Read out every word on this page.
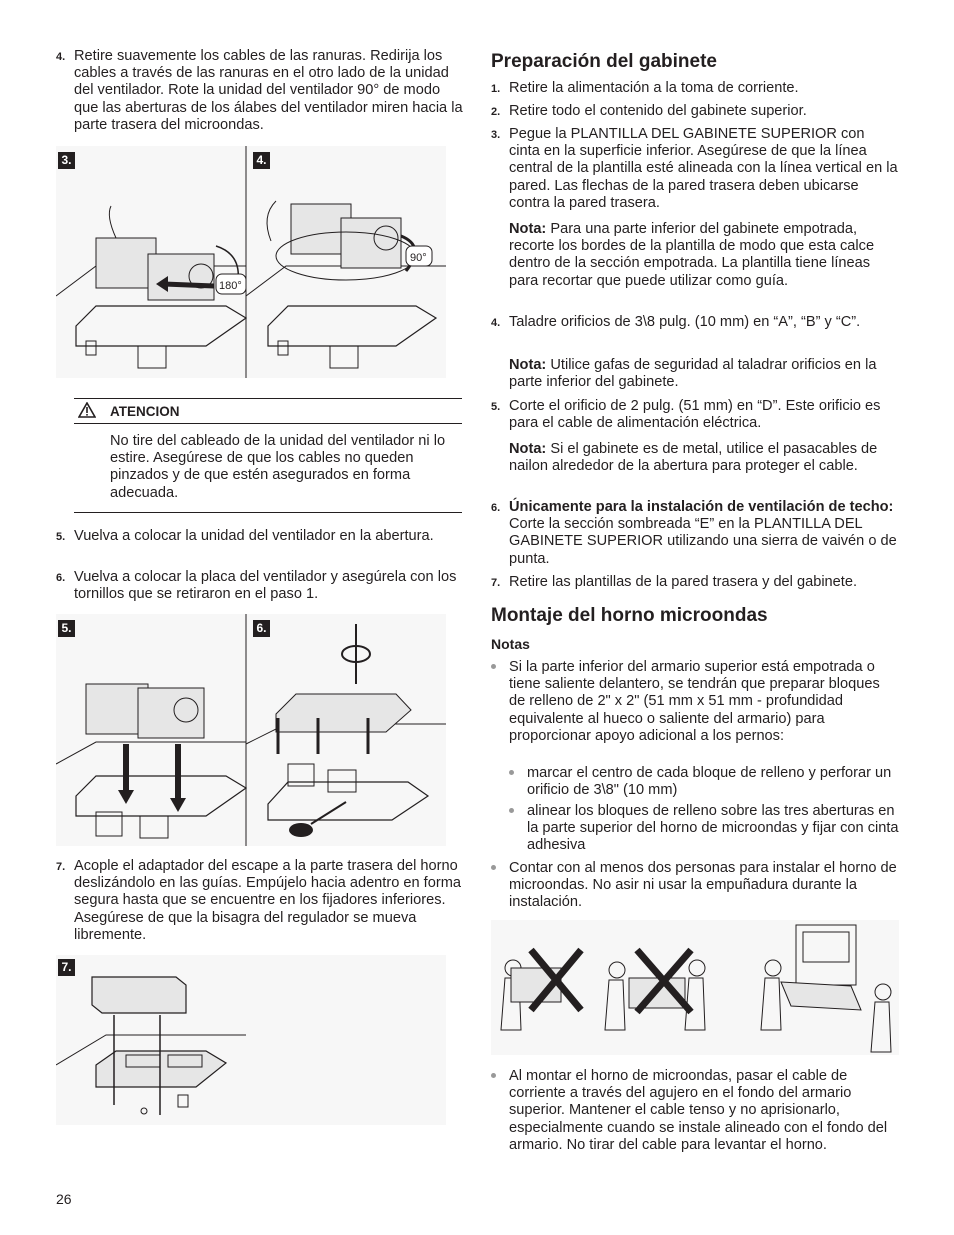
4. Retire suavemente los cables de las ranuras. Redirija los cables a través de las ranuras en el otro lado de la unidad del ventilador. Rote la unidad del ventilador 90° de modo que las aberturas de los álabes del ventilador miren hacia la parte trasera del microondas.
180°
90°
3.	4.
ATENCION
No tire del cableado de la unidad del ventilador ni lo estire. Asegúrese de que los cables no queden pinzados y de que estén asegurados en forma adecuada.
5. Vuelva a colocar la unidad del ventilador en la abertura.
6. Vuelva a colocar la placa del ventilador y asegúrela con los tornillos que se retiraron en el paso 1.
5.	6.
7. Acople el adaptador del escape a la parte trasera del horno deslizándolo en las guías. Empújelo hacia adentro en forma segura hasta que se encuentre en los fijadores inferiores. Asegúrese de que la bisagra del regulador se mueva libremente.
7.
Preparación del gabinete
1. Retire la alimentación a la toma de corriente.
2. Retire todo el contenido del gabinete superior.
3. Pegue la PLANTILLA DEL GABINETE SUPERIOR con cinta en la superficie inferior. Asegúrese de que la línea central de la plantilla esté alineada con la línea vertical en la pared. Las flechas de la pared trasera deben ubicarse contra la pared trasera.
Nota: Para una parte inferior del gabinete empotrada, recorte los bordes de la plantilla de modo que esta calce dentro de la sección empotrada. La plantilla tiene líneas para recortar que puede utilizar como guía.
4. Taladre orificios de 3\8 pulg. (10 mm) en “A”, “B” y “C”.
Nota: Utilice gafas de seguridad al taladrar orificios en la parte inferior del gabinete.
5. Corte el orificio de 2 pulg. (51 mm) en “D”. Este orificio es para el cable de alimentación eléctrica.
Nota: Si el gabinete es de metal, utilice el pasacables de nailon alrededor de la abertura para proteger el cable.
6. Únicamente para la instalación de ventilación de techo: Corte la sección sombreada “E” en la PLANTILLA DEL GABINETE SUPERIOR utilizando una sierra de vaivén o de punta.
7. Retire las plantillas de la pared trasera y del gabinete.
Montaje del horno microondas
Notas
Si la parte inferior del armario superior está empotrada o tiene saliente delantero, se tendrán que preparar bloques de relleno de 2" x 2" (51 mm x 51 mm - profundidad equivalente al hueco o saliente del armario) para proporcionar apoyo adicional a los pernos:
marcar el centro de cada bloque de relleno y perforar un orificio de 3\8" (10 mm)
alinear los bloques de relleno sobre las tres aberturas en la parte superior del horno de microondas y fijar con cinta adhesiva
Contar con al menos dos personas para instalar el horno de microondas. No asir ni usar la empuñadura durante la instalación.
Al montar el horno de microondas, pasar el cable de corriente a través del agujero en el fondo del armario superior. Mantener el cable tenso y no aprisionarlo, especialmente cuando se instale alineado con el fondo del armario. No tirar del cable para levantar el horno.
26
